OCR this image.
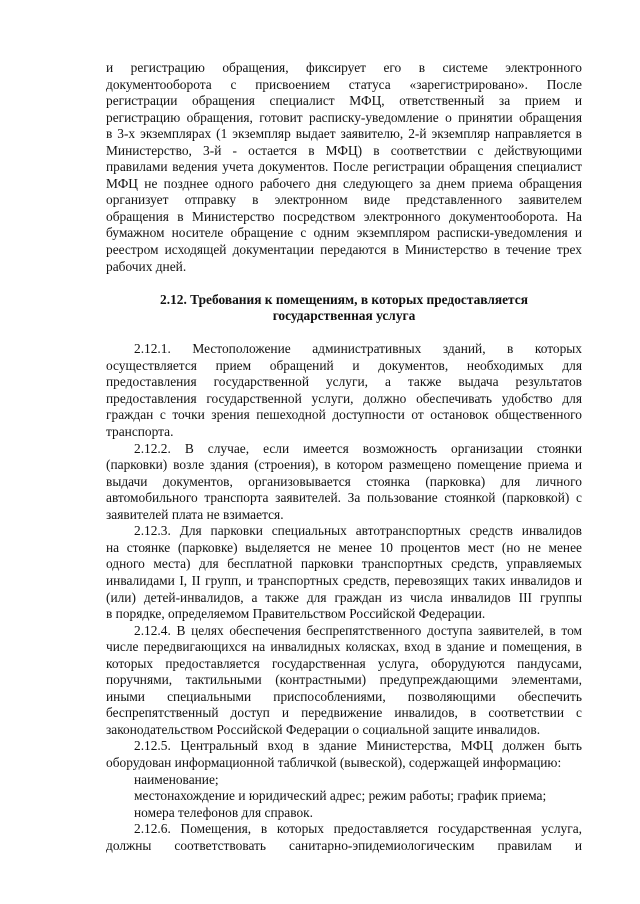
и регистрацию обращения, фиксирует его в системе электронного
документооборота с присвоением статуса «зарегистрировано». После
регистрации обращения специалист МФЦ, ответственный за прием и
регистрацию обращения, готовит расписку-уведомление о принятии обращения
в 3-х экземплярах (1 экземпляр выдает заявителю, 2-й экземпляр направляется в
Министерство, 3-й - остается в МФЦ) в соответствии с действующими
правилами ведения учета документов. После регистрации обращения специалист
МФЦ не позднее одного рабочего дня следующего за днем приема обращения
организует отправку в электронном виде представленного заявителем
обращения в Министерство посредством электронного документооборота. На
бумажном носителе обращение с одним экземпляром расписки-уведомления и
реестром исходящей документации передаются в Министерство в течение трех
рабочих дней.
2.12. Требования к помещениям, в которых предоставляется
государственная услуга
2.12.1. Местоположение административных зданий, в которых
осуществляется прием обращений и документов, необходимых для
предоставления государственной услуги, а также выдача результатов
предоставления государственной услуги, должно обеспечивать удобство для
граждан с точки зрения пешеходной доступности от остановок общественного
транспорта.
2.12.2. В случае, если имеется возможность организации стоянки
(парковки) возле здания (строения), в котором размещено помещение приема и
выдачи документов, организовывается стоянка (парковка) для личного
автомобильного транспорта заявителей. За пользование стоянкой (парковкой) с
заявителей плата не взимается.
2.12.3. Для парковки специальных автотранспортных средств инвалидов
на стоянке (парковке) выделяется не менее 10 процентов мест (но не менее
одного места) для бесплатной парковки транспортных средств, управляемых
инвалидами I, II групп, и транспортных средств, перевозящих таких инвалидов и
(или) детей-инвалидов, а также для граждан из числа инвалидов III группы
в порядке, определяемом Правительством Российской Федерации.
2.12.4. В целях обеспечения беспрепятственного доступа заявителей, в том
числе передвигающихся на инвалидных колясках, вход в здание и помещения, в
которых предоставляется государственная услуга, оборудуются пандусами,
поручнями, тактильными (контрастными) предупреждающими элементами,
иными специальными приспособлениями, позволяющими обеспечить
беспрепятственный доступ и передвижение инвалидов, в соответствии с
законодательством Российской Федерации о социальной защите инвалидов.
2.12.5. Центральный вход в здание Министерства, МФЦ должен быть
оборудован информационной табличкой (вывеской), содержащей информацию:
наименование;
местонахождение и юридический адрес; режим работы; график приема;
номера телефонов для справок.
2.12.6. Помещения, в которых предоставляется государственная услуга,
должны соответствовать санитарно-эпидемиологическим правилам и
